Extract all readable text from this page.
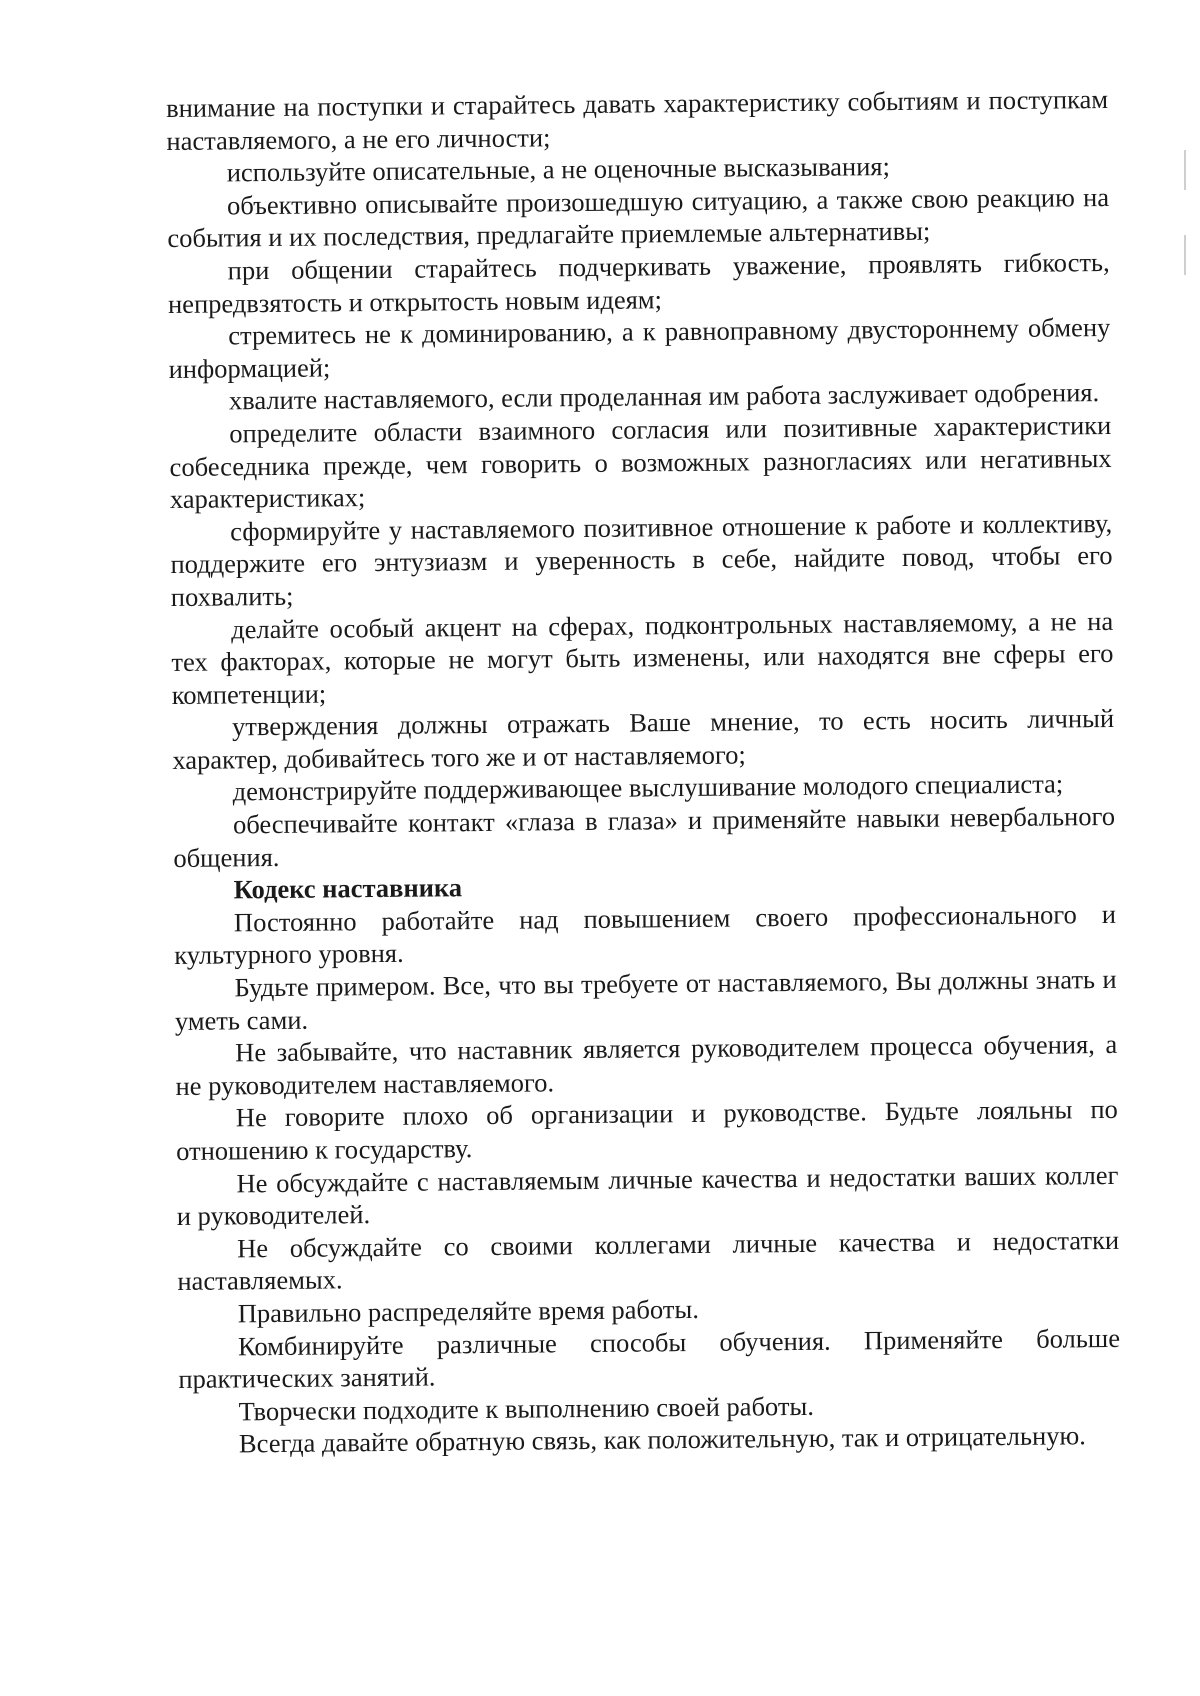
внимание на поступки и старайтесь давать характеристику событиям и поступкам наставляемого, а не его личности;

используйте описательные, а не оценочные высказывания;

объективно описывайте произошедшую ситуацию, а также свою реакцию на события и их последствия, предлагайте приемлемые альтернативы;

при общении старайтесь подчеркивать уважение, проявлять гибкость, непредвзятость и открытость новым идеям;

стремитесь не к доминированию, а к равноправному двустороннему обмену информацией;

хвалите наставляемого, если проделанная им работа заслуживает одобрения.

определите области взаимного согласия или позитивные характеристики собеседника прежде, чем говорить о возможных разногласиях или негативных характеристиках;

сформируйте у наставляемого позитивное отношение к работе и коллективу, поддержите его энтузиазм и уверенность в себе, найдите повод, чтобы его похвалить;

делайте особый акцент на сферах, подконтрольных наставляемому, а не на тех факторах, которые не могут быть изменены, или находятся вне сферы его компетенции;

утверждения должны отражать Ваше мнение, то есть носить личный характер, добивайтесь того же и от наставляемого;

демонстрируйте поддерживающее выслушивание молодого специалиста;

обеспечивайте контакт «глаза в глаза» и применяйте навыки невербального общения.

Кодекс наставника

Постоянно работайте над повышением своего профессионального и культурного уровня.

Будьте примером. Все, что вы требуете от наставляемого, Вы должны знать и уметь сами.

Не забывайте, что наставник является руководителем процесса обучения, а не руководителем наставляемого.

Не говорите плохо об организации и руководстве. Будьте лояльны по отношению к государству.

Не обсуждайте с наставляемым личные качества и недостатки ваших коллег и руководителей.

Не обсуждайте со своими коллегами личные качества и недостатки наставляемых.

Правильно распределяйте время работы.

Комбинируйте различные способы обучения. Применяйте больше практических занятий.

Творчески подходите к выполнению своей работы.

Всегда давайте обратную связь, как положительную, так и отрицательную.
